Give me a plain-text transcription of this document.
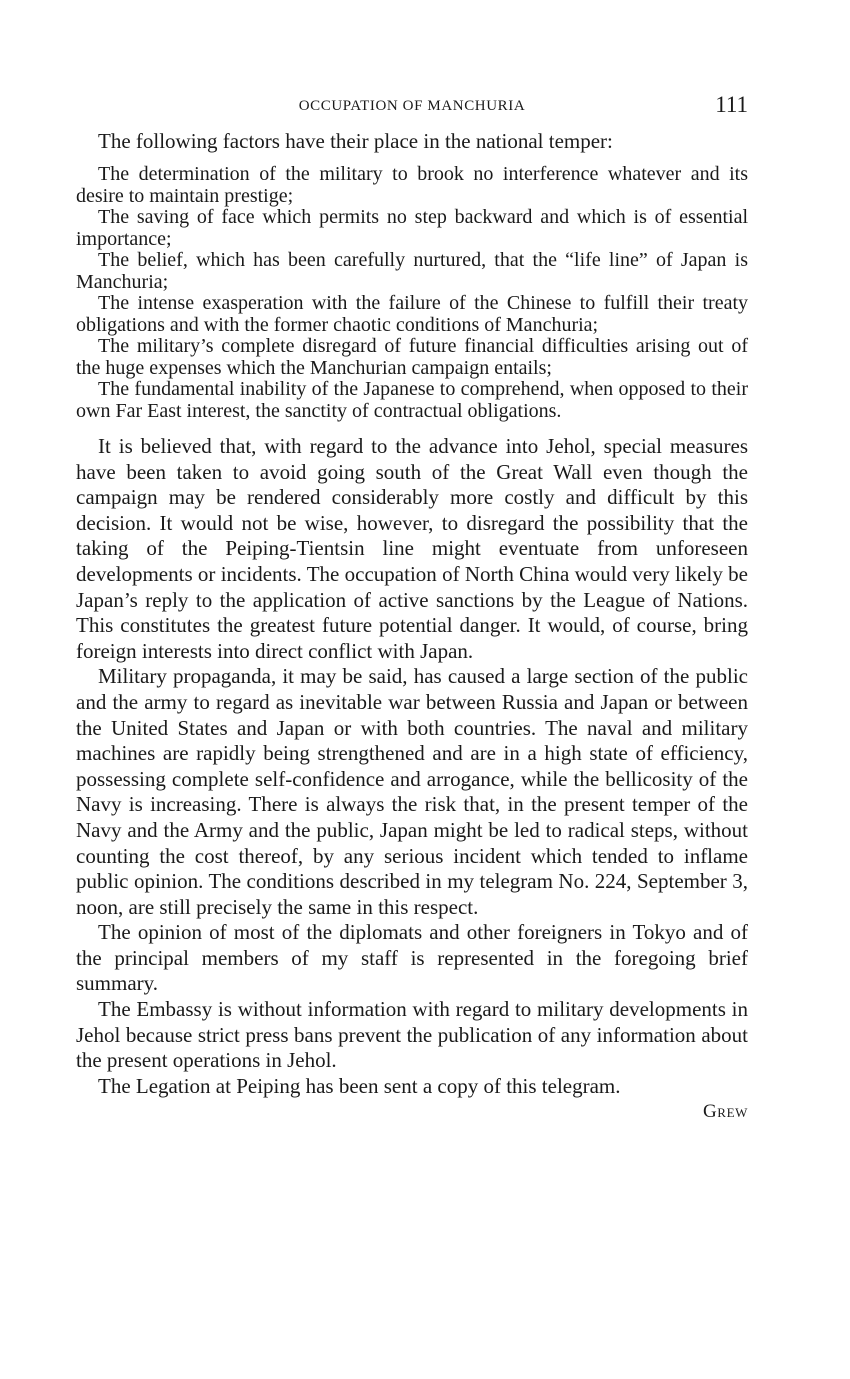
OCCUPATION OF MANCHURIA	111

The following factors have their place in the national temper:

The determination of the military to brook no interference whatever and its desire to maintain prestige;

The saving of face which permits no step backward and which is of essential importance;

The belief, which has been carefully nurtured, that the “life line” of Japan is Manchuria;

The intense exasperation with the failure of the Chinese to fulfill their treaty obligations and with the former chaotic conditions of Manchuria;

The military’s complete disregard of future financial difficulties arising out of the huge expenses which the Manchurian campaign entails;

The fundamental inability of the Japanese to comprehend, when opposed to their own Far East interest, the sanctity of contractual obligations.

It is believed that, with regard to the advance into Jehol, special measures have been taken to avoid going south of the Great Wall even though the campaign may be rendered considerably more costly and difficult by this decision. It would not be wise, however, to disregard the possibility that the taking of the Peiping-Tientsin line might eventuate from unforeseen developments or incidents. The occupation of North China would very likely be Japan’s reply to the application of active sanctions by the League of Nations. This constitutes the greatest future potential danger. It would, of course, bring foreign interests into direct conflict with Japan.

Military propaganda, it may be said, has caused a large section of the public and the army to regard as inevitable war between Russia and Japan or between the United States and Japan or with both countries. The naval and military machines are rapidly being strengthened and are in a high state of efficiency, possessing complete self-confidence and arrogance, while the bellicosity of the Navy is increasing. There is always the risk that, in the present temper of the Navy and the Army and the public, Japan might be led to radical steps, without counting the cost thereof, by any serious incident which tended to inflame public opinion. The conditions described in my telegram No. 224, September 3, noon, are still precisely the same in this respect.

The opinion of most of the diplomats and other foreigners in Tokyo and of the principal members of my staff is represented in the foregoing brief summary.

The Embassy is without information with regard to military developments in Jehol because strict press bans prevent the publication of any information about the present operations in Jehol.

The Legation at Peiping has been sent a copy of this telegram.

Grew
